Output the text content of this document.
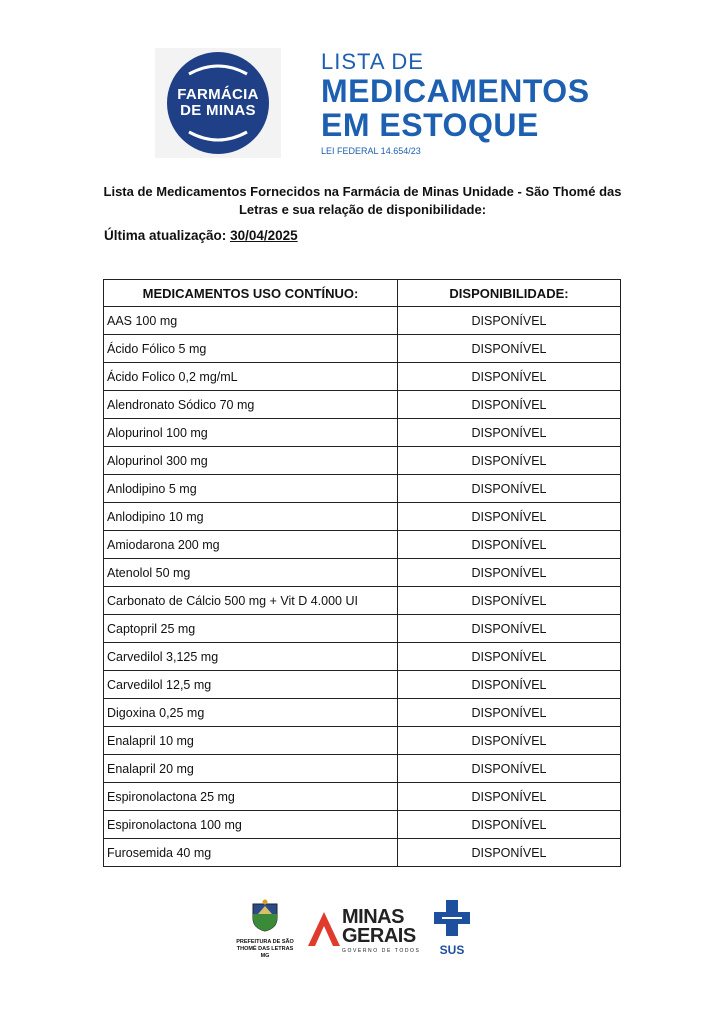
FARMÁCIA
DE MINAS
LISTA DE
MEDICAMENTOS
EM ESTOQUE
LEI FEDERAL 14.654/23
Lista de Medicamentos Fornecidos na Farmácia de Minas Unidade - São Thomé das Letras e sua relação de disponibilidade:
Última atualização: 30/04/2025
MEDICAMENTOS USO CONTÍNUO:	DISPONIBILIDADE:
AAS 100 mg	DISPONÍVEL
Ácido Fólico 5 mg	DISPONÍVEL
Ácido Folico 0,2 mg/mL	DISPONÍVEL
Alendronato Sódico 70 mg	DISPONÍVEL
Alopurinol 100 mg	DISPONÍVEL
Alopurinol 300 mg	DISPONÍVEL
Anlodipino 5 mg	DISPONÍVEL
Anlodipino 10 mg	DISPONÍVEL
Amiodarona 200 mg	DISPONÍVEL
Atenolol 50 mg	DISPONÍVEL
Carbonato de Cálcio 500 mg + Vit D 4.000 UI	DISPONÍVEL
Captopril 25 mg	DISPONÍVEL
Carvedilol 3,125 mg	DISPONÍVEL
Carvedilol 12,5 mg	DISPONÍVEL
Digoxina 0,25 mg	DISPONÍVEL
Enalapril 10 mg	DISPONÍVEL
Enalapril 20 mg	DISPONÍVEL
Espironolactona 25 mg	DISPONÍVEL
Espironolactona 100 mg	DISPONÍVEL
Furosemida 40 mg	DISPONÍVEL
PREFEITURA DE SÃO THOMÉ DAS LETRAS MG
MINAS
GERAIS
GOVERNO DE TODOS	SUS
